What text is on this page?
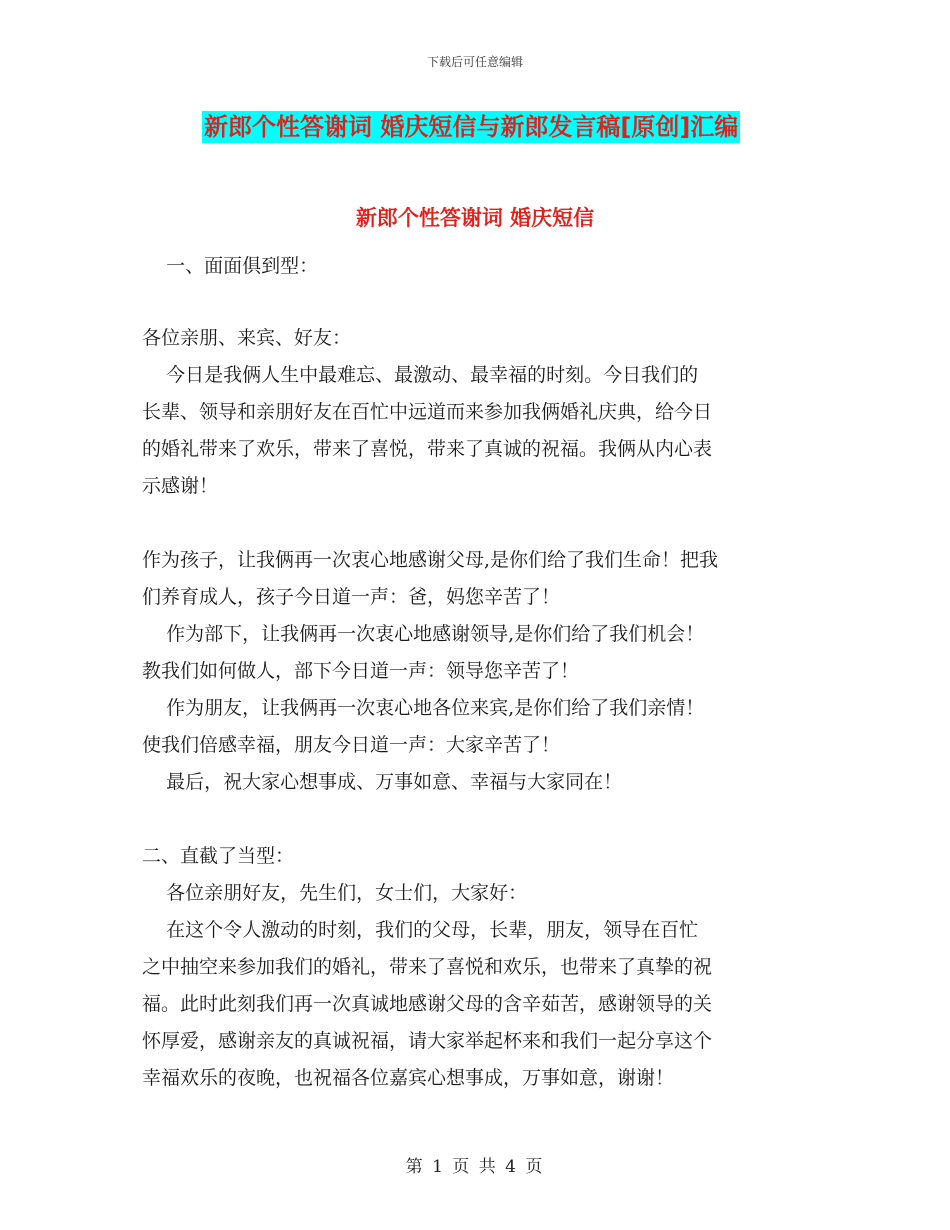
下载后可任意编辑
新郎个性答谢词 婚庆短信与新郎发言稿[原创]汇编
新郎个性答谢词 婚庆短信
一、面面俱到型：
各位亲朋、来宾、好友：
今日是我俩人生中最难忘、最激动、最幸福的时刻。今日我们的
长辈、领导和亲朋好友在百忙中远道而来参加我俩婚礼庆典，给今日
的婚礼带来了欢乐，带来了喜悦，带来了真诚的祝福。我俩从内心表
示感谢！
作为孩子，让我俩再一次衷心地感谢父母,是你们给了我们生命！把我
们养育成人，孩子今日道一声：爸，妈您辛苦了！
作为部下，让我俩再一次衷心地感谢领导,是你们给了我们机会！
教我们如何做人，部下今日道一声：领导您辛苦了！
作为朋友，让我俩再一次衷心地各位来宾,是你们给了我们亲情！
使我们倍感幸福，朋友今日道一声：大家辛苦了！
最后，祝大家心想事成、万事如意、幸福与大家同在！
二、直截了当型：
各位亲朋好友，先生们，女士们，大家好：
在这个令人激动的时刻，我们的父母，长辈，朋友，领导在百忙
之中抽空来参加我们的婚礼，带来了喜悦和欢乐，也带来了真挚的祝
福。此时此刻我们再一次真诚地感谢父母的含辛茹苦，感谢领导的关
怀厚爱，感谢亲友的真诚祝福，请大家举起杯来和我们一起分享这个
幸福欢乐的夜晚，也祝福各位嘉宾心想事成，万事如意，谢谢！
第 1 页 共 4 页
